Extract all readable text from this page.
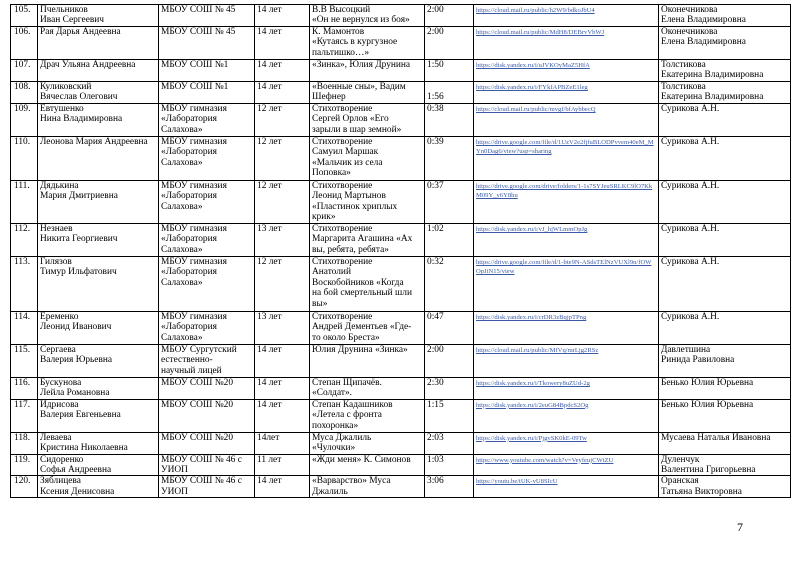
105.	Пчельников
Иван Сергеевич	МБОУ СОШ № 45	14 лет	В.В Высоцкий
«Он не вернулся из боя»	2:00	https://cloud.mail.ru/public/h2W9/bdkoJbU4	Оконечникова
Елена Владимировна
106.	Рая Дарья Андеевна	МБОУ СОШ № 45	14 лет	К. Мамонтов
«Кутаясь в кургузное
пальтишко…»	2:00	https://cloud.mail.ru/public/MdH8/DEBrvVbWJ	Оконечникова
Елена Владимировна
107.	Драч Ульяна Андреевна	МБОУ СОШ №1	14 лет	«Зинка», Юлия Друнина	1:50	https://disk.yandex.ru/i/uJVKOyMaZ5HfA	Толстикова
Екатерина Владимировна
108.	Куликовский
Вячеслав Олегович	МБОУ СОШ №1	14 лет	«Военные сны», Вадим
Шефнер	
1:56	https://disk.yandex.ru/i/FYkfAPBZeE1leg	Толстикова
Екатерина Владимировна
109.	Евтушенко
Нина Владимировна	МБОУ гимназия
«Лаборатория
Салахова»	12 лет	Стихотворение
Сергей Орлов «Его
зарыли в шар земной»	0:38	https://cloud.mail.ru/public/mvgf/bfAybbecQ	Сурикова А.Н.
110.	Леонова Мария Андреевна	МБОУ гимназия
«Лаборатория
Салахова»	12 лет	Стихотворение
Самуил Маршак
«Мальчик из села
Поповка»	0:39	https://drive.google.com/file/d/1UzV2e2fjfuBLODPvvem40eM_MYn0Dag6/view?usp=sharing	Сурикова А.Н.
111.	Дядькина
Мария Дмитриевна	МБОУ гимназия
«Лаборатория
Салахова»	12 лет	Стихотворение
Леонид Мартынов
«Пластинок хриплых
крик»	0:37	https://drive.google.com/drive/folders/1-1s7SYJeuSRLKC9lO7KkM09Y_y6Y8hu	Сурикова А.Н.
112.	Незнаев
Никита Георгиевич	МБОУ гимназия
«Лаборатория
Салахова»	13 лет	Стихотворение
Маргарита Агашина «Ах
вы, ребята, ребята»	1:02	https://disk.yandex.ru/i/vJ_hjWLmmOpJg	Сурикова А.Н.
113.	Гилязов
Тимур Ильфатович	МБОУ гимназия
«Лаборатория
Салахова»	12 лет	Стихотворение
Анатолий
Воскобойников «Когда
на бой смертельный шли
вы»	0:32	https://drive.google.com/file/d/1-bte9N-ASdsTElNzVUXl9n/fOWOpJiN15/view	Сурикова А.Н.
114.	Еременко
Леонид Иванович	МБОУ гимназия
«Лаборатория
Салахова»	13 лет	Стихотворение
Андрей Дементьев «Где-
то около Бреста»	0:47	https://disk.yandex.ru/i/crDR3zBqjpTPng	Сурикова А.Н.
115.	Сергаева
Валерия Юрьевна	МБОУ Сургутский
естественно-
научный лицей	14 лет	Юлия Друнина «Зинка»	2:00	https://cloud.mail.ru/public/MfVq/mrLjg2RSz	Давлетшина
Ринида Равиловна
116.	Бускунова
Лейла Романовна	МБОУ СОШ №20	14 лет	Степан Щипачёв.
«Солдат».	2:30	https://disk.yandex.ru/i/Tkowery8uZUd-2g	Бенько Юлия Юрьевна
117.	Идрисова
Валерия Евгеньевна	МБОУ СОШ №20	14 лет	Степан Кадашников
«Летела с фронта
похоронка»	1:15	https://disk.yandex.ru/i/2euG84BpdcS2Og	Бенько Юлия Юрьевна
118.	Леваева
Кристина Николаевна	МБОУ СОШ №20	14лет	Муса Джалиль
«Чулочки»	2:03	https://disk.yandex.ru/i/PjgvSK0kE-09Tw	Мусаева Наталья Ивановна
119.	Сидоренко
Софья Андреевна	МБОУ СОШ № 46 с
УИОП	11 лет	«Жди меня» К. Симонов	1:03	https://www.youtube.com/watch?v=VeyfeujCWtZU	Дуленчук
Валентина Григорьевна
120.	Зяблицева
Ксения Денисовна	МБОУ СОШ № 46 с
УИОП	14 лет	«Варварство» Муса
Джалиль	3:06	https://youtu.be/tUK-vU8SIcU	Оранская
Татьяна Викторовна
7
